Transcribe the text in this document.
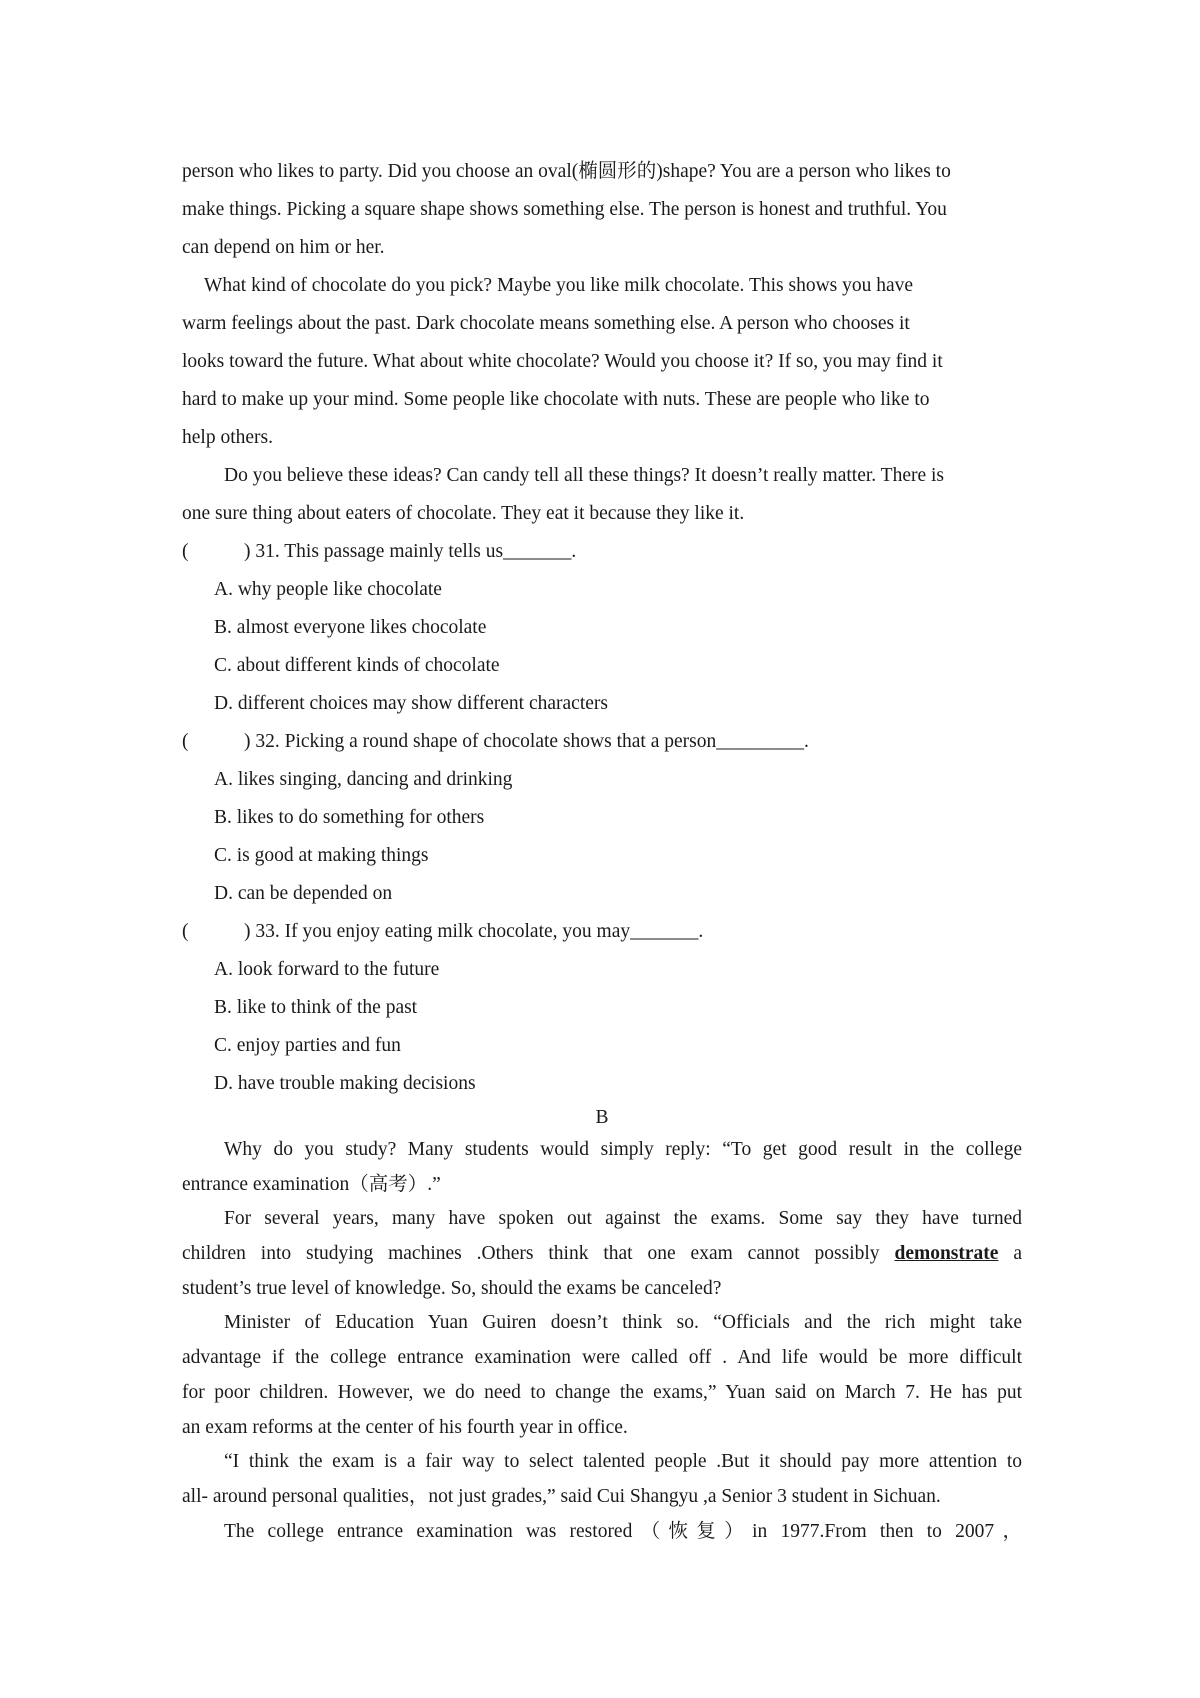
person who likes to party. Did you choose an oval(椭圆形的)shape? You are a person who likes to
make things. Picking a square shape shows something else. The person is honest and truthful. You
can depend on him or her.
What kind of chocolate do you pick? Maybe you like milk chocolate. This shows you have
warm feelings about the past. Dark chocolate means something else. A person who chooses it
looks toward the future. What about white chocolate? Would you choose it? If so, you may find it
hard to make up your mind. Some people like chocolate with nuts. These are people who like to
help others.
Do you believe these ideas? Can candy tell all these things? It doesn’t really matter. There is
one sure thing about eaters of chocolate. They eat it because they like it.
(	) 31. This passage mainly tells us_______.
A. why people like chocolate
B. almost everyone likes chocolate
C. about different kinds of chocolate
D. different choices may show different characters
(	) 32. Picking a round shape of chocolate shows that a person_________.
A. likes singing, dancing and drinking
B. likes to do something for others
C. is good at making things
D. can be depended on
(	) 33. If you enjoy eating milk chocolate, you may_______.
A. look forward to the future
B. like to think of the past
C. enjoy parties and fun
D. have trouble making decisions
B
Why do you study? Many students would simply reply: “To get good result in the college
entrance examination（高考）.”
For several years, many have spoken out against the exams. Some say they have turned
children into studying machines .Others think that one exam cannot possibly demonstrate a
student’s true level of knowledge. So, should the exams be canceled?
Minister of Education Yuan Guiren doesn’t think so. “Officials and the rich might take
advantage if the college entrance examination were called off . And life would be more difficult
for poor children. However, we do need to change the exams,” Yuan said on March 7. He has put
an exam reforms at the center of his fourth year in office.
“I think the exam is a fair way to select talented people .But it should pay more attention to
all- around personal qualities，not just grades,” said Cui Shangyu ,a Senior 3 student in Sichuan.
The college entrance examination was restored（恢复）in 1977.From then to 2007，
